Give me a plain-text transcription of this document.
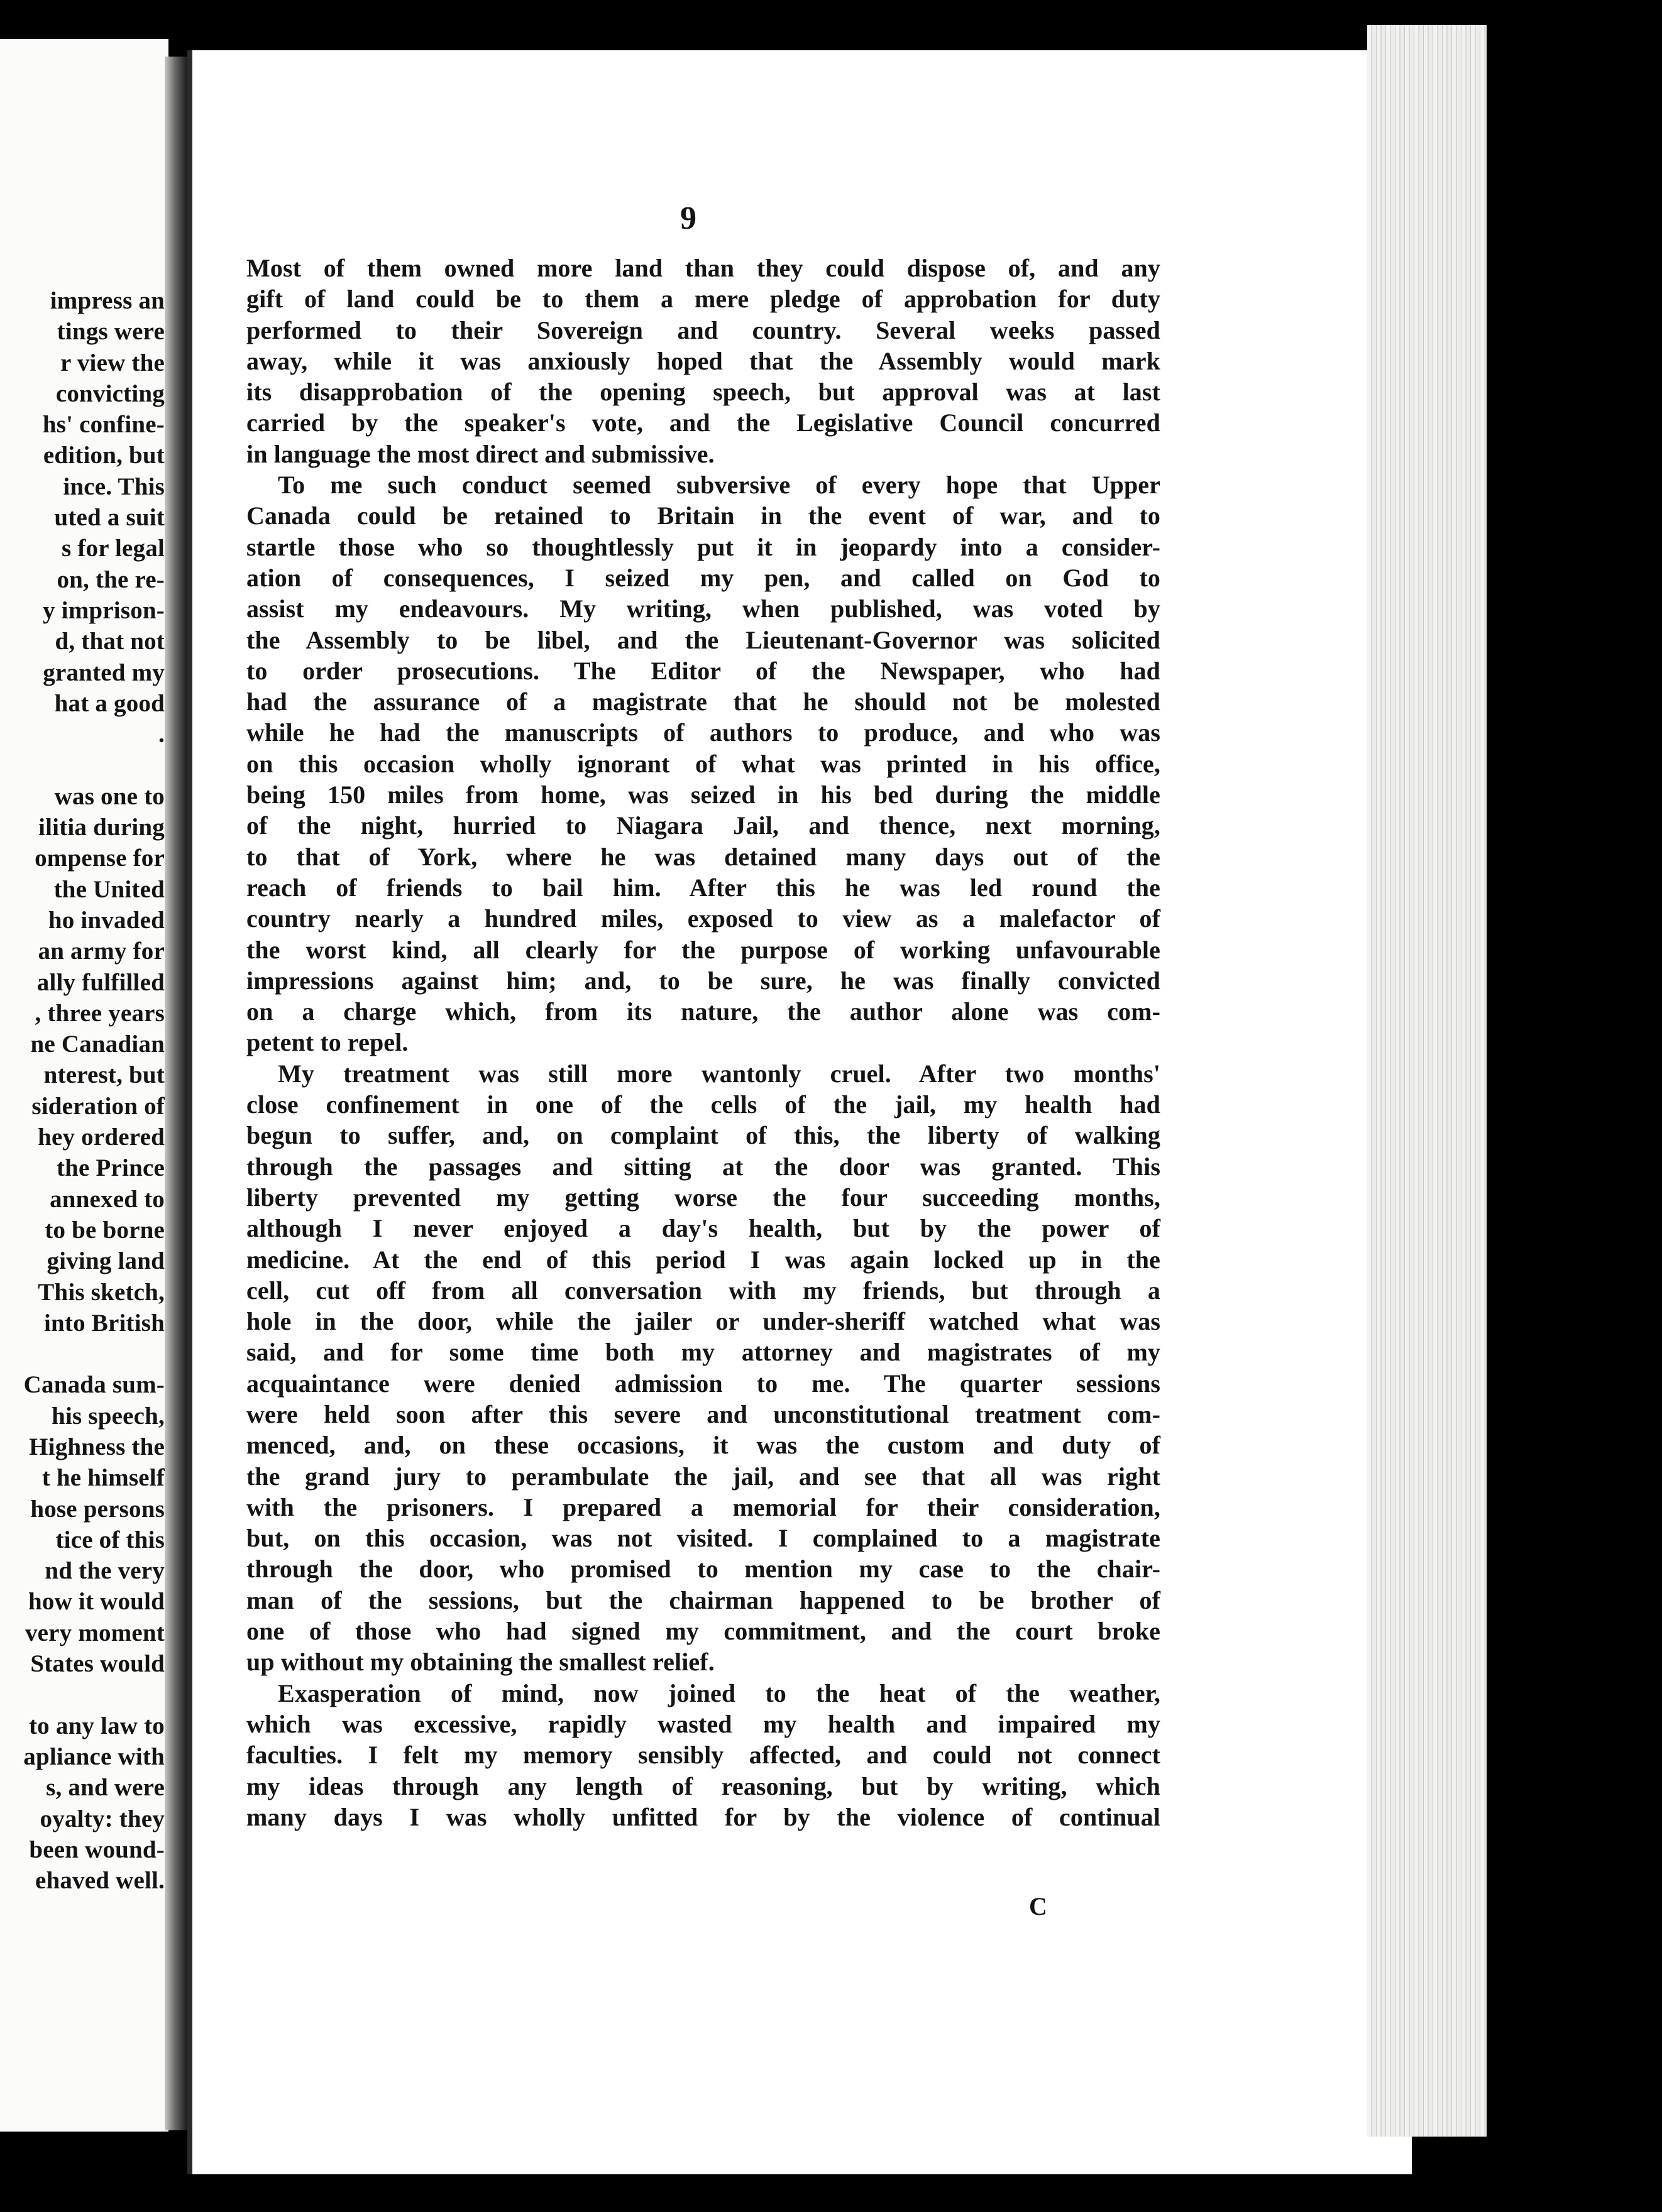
impress an
tings were
r view the
convicting
hs' confine-
edition, but
ince. This
uted a suit
s for legal
on, the re-
y imprison-
d, that not
granted my
hat a good
.
was one to
ilitia during
ompense for
the United
ho invaded
an army for
ally fulfilled
, three years
ne Canadian
nterest, but
sideration of
hey ordered
the Prince
annexed to
to be borne
giving land
This sketch,
into British
Canada sum-
his speech,
Highness the
t he himself
hose persons
tice of this
nd the very
how it would
very moment
States would
to any law to
apliance with
s, and were
oyalty: they
been wound-
ehaved well.
9
Most of them owned more land than they could dispose of, and any
gift of land could be to them a mere pledge of approbation for duty
performed to their Sovereign and country. Several weeks passed
away, while it was anxiously hoped that the Assembly would mark
its disapprobation of the opening speech, but approval was at last
carried by the speaker's vote, and the Legislative Council concurred
in language the most direct and submissive.
To me such conduct seemed subversive of every hope that Upper
Canada could be retained to Britain in the event of war, and to
startle those who so thoughtlessly put it in jeopardy into a consider-
ation of consequences, I seized my pen, and called on God to
assist my endeavours. My writing, when published, was voted by
the Assembly to be libel, and the Lieutenant-Governor was solicited
to order prosecutions. The Editor of the Newspaper, who had
had the assurance of a magistrate that he should not be molested
while he had the manuscripts of authors to produce, and who was
on this occasion wholly ignorant of what was printed in his office,
being 150 miles from home, was seized in his bed during the middle
of the night, hurried to Niagara Jail, and thence, next morning,
to that of York, where he was detained many days out of the
reach of friends to bail him. After this he was led round the
country nearly a hundred miles, exposed to view as a malefactor of
the worst kind, all clearly for the purpose of working unfavourable
impressions against him; and, to be sure, he was finally convicted
on a charge which, from its nature, the author alone was com-
petent to repel.
My treatment was still more wantonly cruel. After two months'
close confinement in one of the cells of the jail, my health had
begun to suffer, and, on complaint of this, the liberty of walking
through the passages and sitting at the door was granted. This
liberty prevented my getting worse the four succeeding months,
although I never enjoyed a day's health, but by the power of
medicine. At the end of this period I was again locked up in the
cell, cut off from all conversation with my friends, but through a
hole in the door, while the jailer or under-sheriff watched what was
said, and for some time both my attorney and magistrates of my
acquaintance were denied admission to me. The quarter sessions
were held soon after this severe and unconstitutional treatment com-
menced, and, on these occasions, it was the custom and duty of
the grand jury to perambulate the jail, and see that all was right
with the prisoners. I prepared a memorial for their consideration,
but, on this occasion, was not visited. I complained to a magistrate
through the door, who promised to mention my case to the chair-
man of the sessions, but the chairman happened to be brother of
one of those who had signed my commitment, and the court broke
up without my obtaining the smallest relief.
Exasperation of mind, now joined to the heat of the weather,
which was excessive, rapidly wasted my health and impaired my
faculties. I felt my memory sensibly affected, and could not connect
my ideas through any length of reasoning, but by writing, which
many days I was wholly unfitted for by the violence of continual
C
